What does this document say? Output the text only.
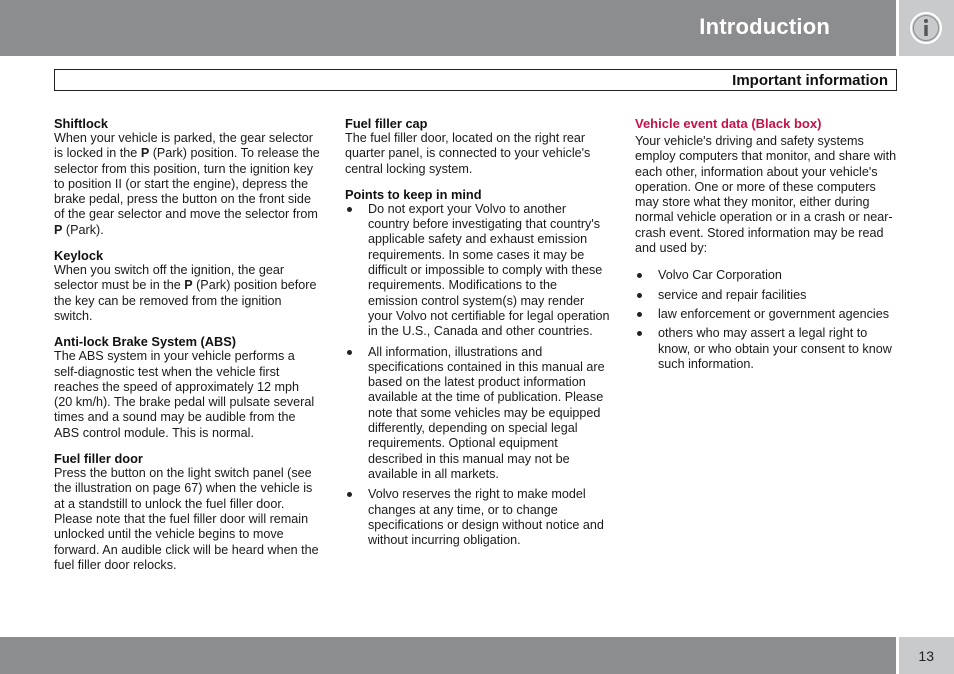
Introduction
Important information
Shiftlock

When your vehicle is parked, the gear selector is locked in the P (Park) position. To release the selector from this position, turn the ignition key to position II (or start the engine), depress the brake pedal, press the button on the front side of the gear selector and move the selector from P (Park).

Keylock

When you switch off the ignition, the gear selector must be in the P (Park) position before the key can be removed from the ignition switch.

Anti-lock Brake System (ABS)

The ABS system in your vehicle performs a self-diagnostic test when the vehicle first reaches the speed of approximately 12 mph (20 km/h). The brake pedal will pulsate several times and a sound may be audible from the ABS control module. This is normal.

Fuel filler door

Press the button on the light switch panel (see the illustration on page 67) when the vehicle is at a standstill to unlock the fuel filler door. Please note that the fuel filler door will remain unlocked until the vehicle begins to move forward. An audible click will be heard when the fuel filler door relocks.

Fuel filler cap

The fuel filler door, located on the right rear quarter panel, is connected to your vehicle's central locking system.

Points to keep in mind
Do not export your Volvo to another country before investigating that country's applicable safety and exhaust emission requirements. In some cases it may be difficult or impossible to comply with these requirements. Modifications to the emission control system(s) may render your Volvo not certifiable for legal operation in the U.S., Canada and other countries.
All information, illustrations and specifications contained in this manual are based on the latest product information available at the time of publication. Please note that some vehicles may be equipped differently, depending on special legal requirements. Optional equipment described in this manual may not be available in all markets.
Volvo reserves the right to make model changes at any time, or to change specifications or design without notice and without incurring obligation.
Vehicle event data (Black box)

Your vehicle's driving and safety systems employ computers that monitor, and share with each other, information about your vehicle's operation. One or more of these computers may store what they monitor, either during normal vehicle operation or in a crash or near-crash event. Stored information may be read and used by:

Volvo Car Corporation
service and repair facilities
law enforcement or government agencies
others who may assert a legal right to know, or who obtain your consent to know such information.
13
